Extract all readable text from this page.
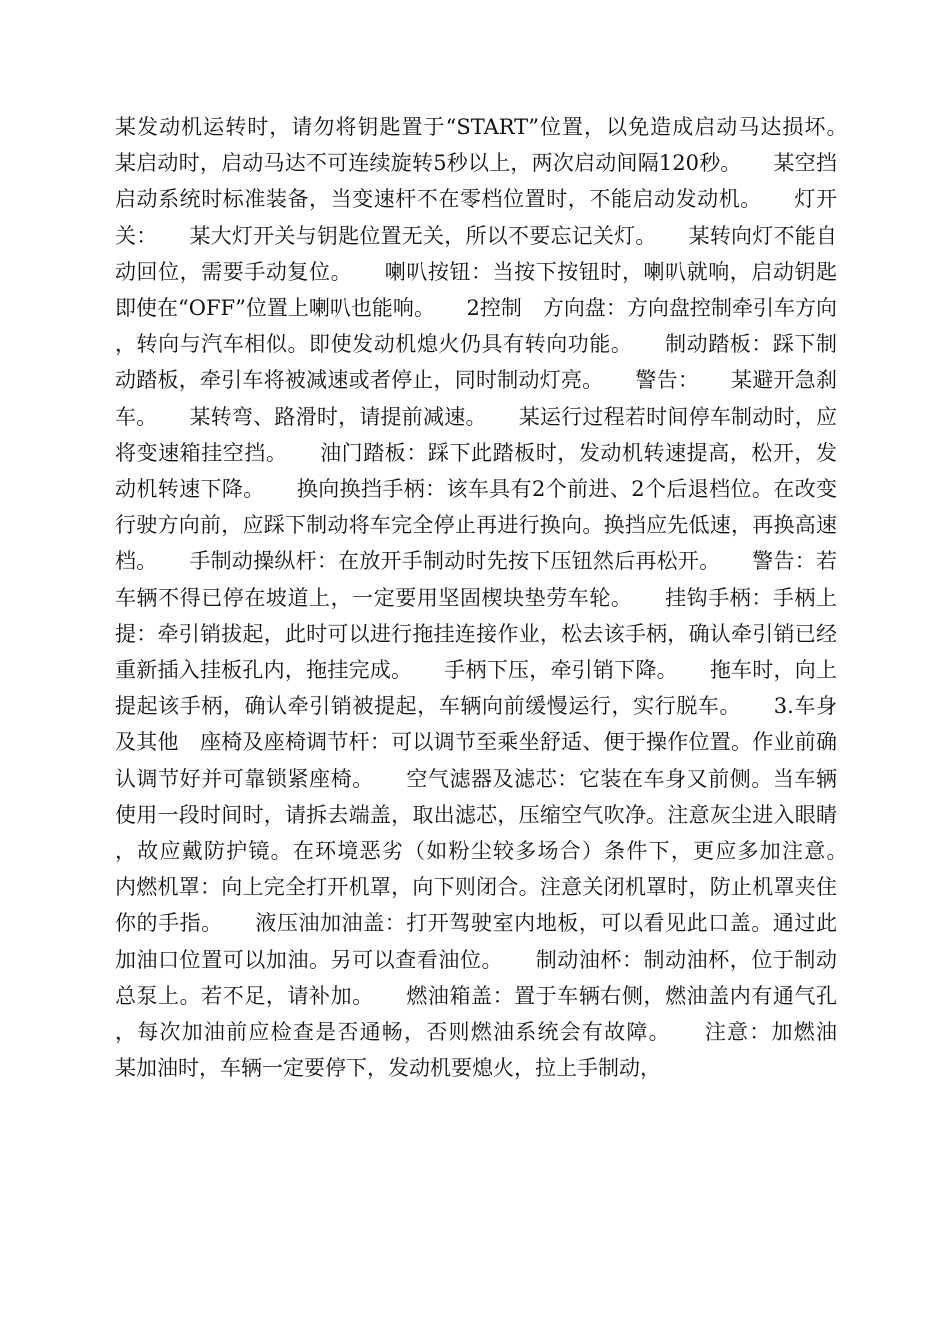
某发动机运转时，请勿将钥匙置于“START”位置，以免造成启动马达损坏。　　某启动时，启动马达不可连续旋转5秒以上，两次启动间隔120秒。　　某空挡启动系统时标准装备，当变速杆不在零档位置时，不能启动发动机。　　灯开关：　　某大灯开关与钥匙位置无关，所以不要忘记关灯。　　某转向灯不能自动回位，需要手动复位。　　喇叭按钮：当按下按钮时，喇叭就响，启动钥匙即使在“OFF”位置上喇叭也能响。　　2控制　方向盘：方向盘控制牵引车方向，转向与汽车相似。即使发动机熄火仍具有转向功能。　　制动踏板：踩下制动踏板，牵引车将被减速或者停止，同时制动灯亮。　　警告：　　某避开急刹车。　　某转弯、路滑时，请提前减速。　　某运行过程若时间停车制动时，应将变速箱挂空挡。　　油门踏板：踩下此踏板时，发动机转速提高，松开，发动机转速下降。　　换向换挡手柄：该车具有2个前进、2个后退档位。在改变行驶方向前，应踩下制动将车完全停止再进行换向。换挡应先低速，再换高速档。　　手制动操纵杆：在放开手制动时先按下压钮然后再松开。　　警告：若车辆不得已停在坡道上，一定要用坚固楔块垫劳车轮。　　挂钩手柄：手柄上提：牵引销拔起，此时可以进行拖挂连接作业，松去该手柄，确认牵引销已经重新插入挂板孔内，拖挂完成。　　手柄下压，牵引销下降。　　拖车时，向上提起该手柄，确认牵引销被提起，车辆向前缓慢运行，实行脱车。　　3.车身及其他　座椅及座椅调节杆：可以调节至乘坐舒适、便于操作位置。作业前确认调节好并可靠锁紧座椅。　　空气滤器及滤芯：它装在车身又前侧。当车辆使用一段时间时，请拆去端盖，取出滤芯，压缩空气吹净。注意灰尘进入眼睛，故应戴防护镜。在环境恶劣（如粉尘较多场合）条件下，更应多加注意。　　内燃机罩：向上完全打开机罩，向下则闭合。注意关闭机罩时，防止机罩夹住你的手指。　　液压油加油盖：打开驾驶室内地板，可以看见此口盖。通过此加油口位置可以加油。另可以查看油位。　　制动油杯：制动油杯，位于制动总泵上。若不足，请补加。　　燃油箱盖：置于车辆右侧，燃油盖内有通气孔，每次加油前应检查是否通畅，否则燃油系统会有故障。　　注意：加燃油　某加油时，车辆一定要停下，发动机要熄火，拉上手制动，
